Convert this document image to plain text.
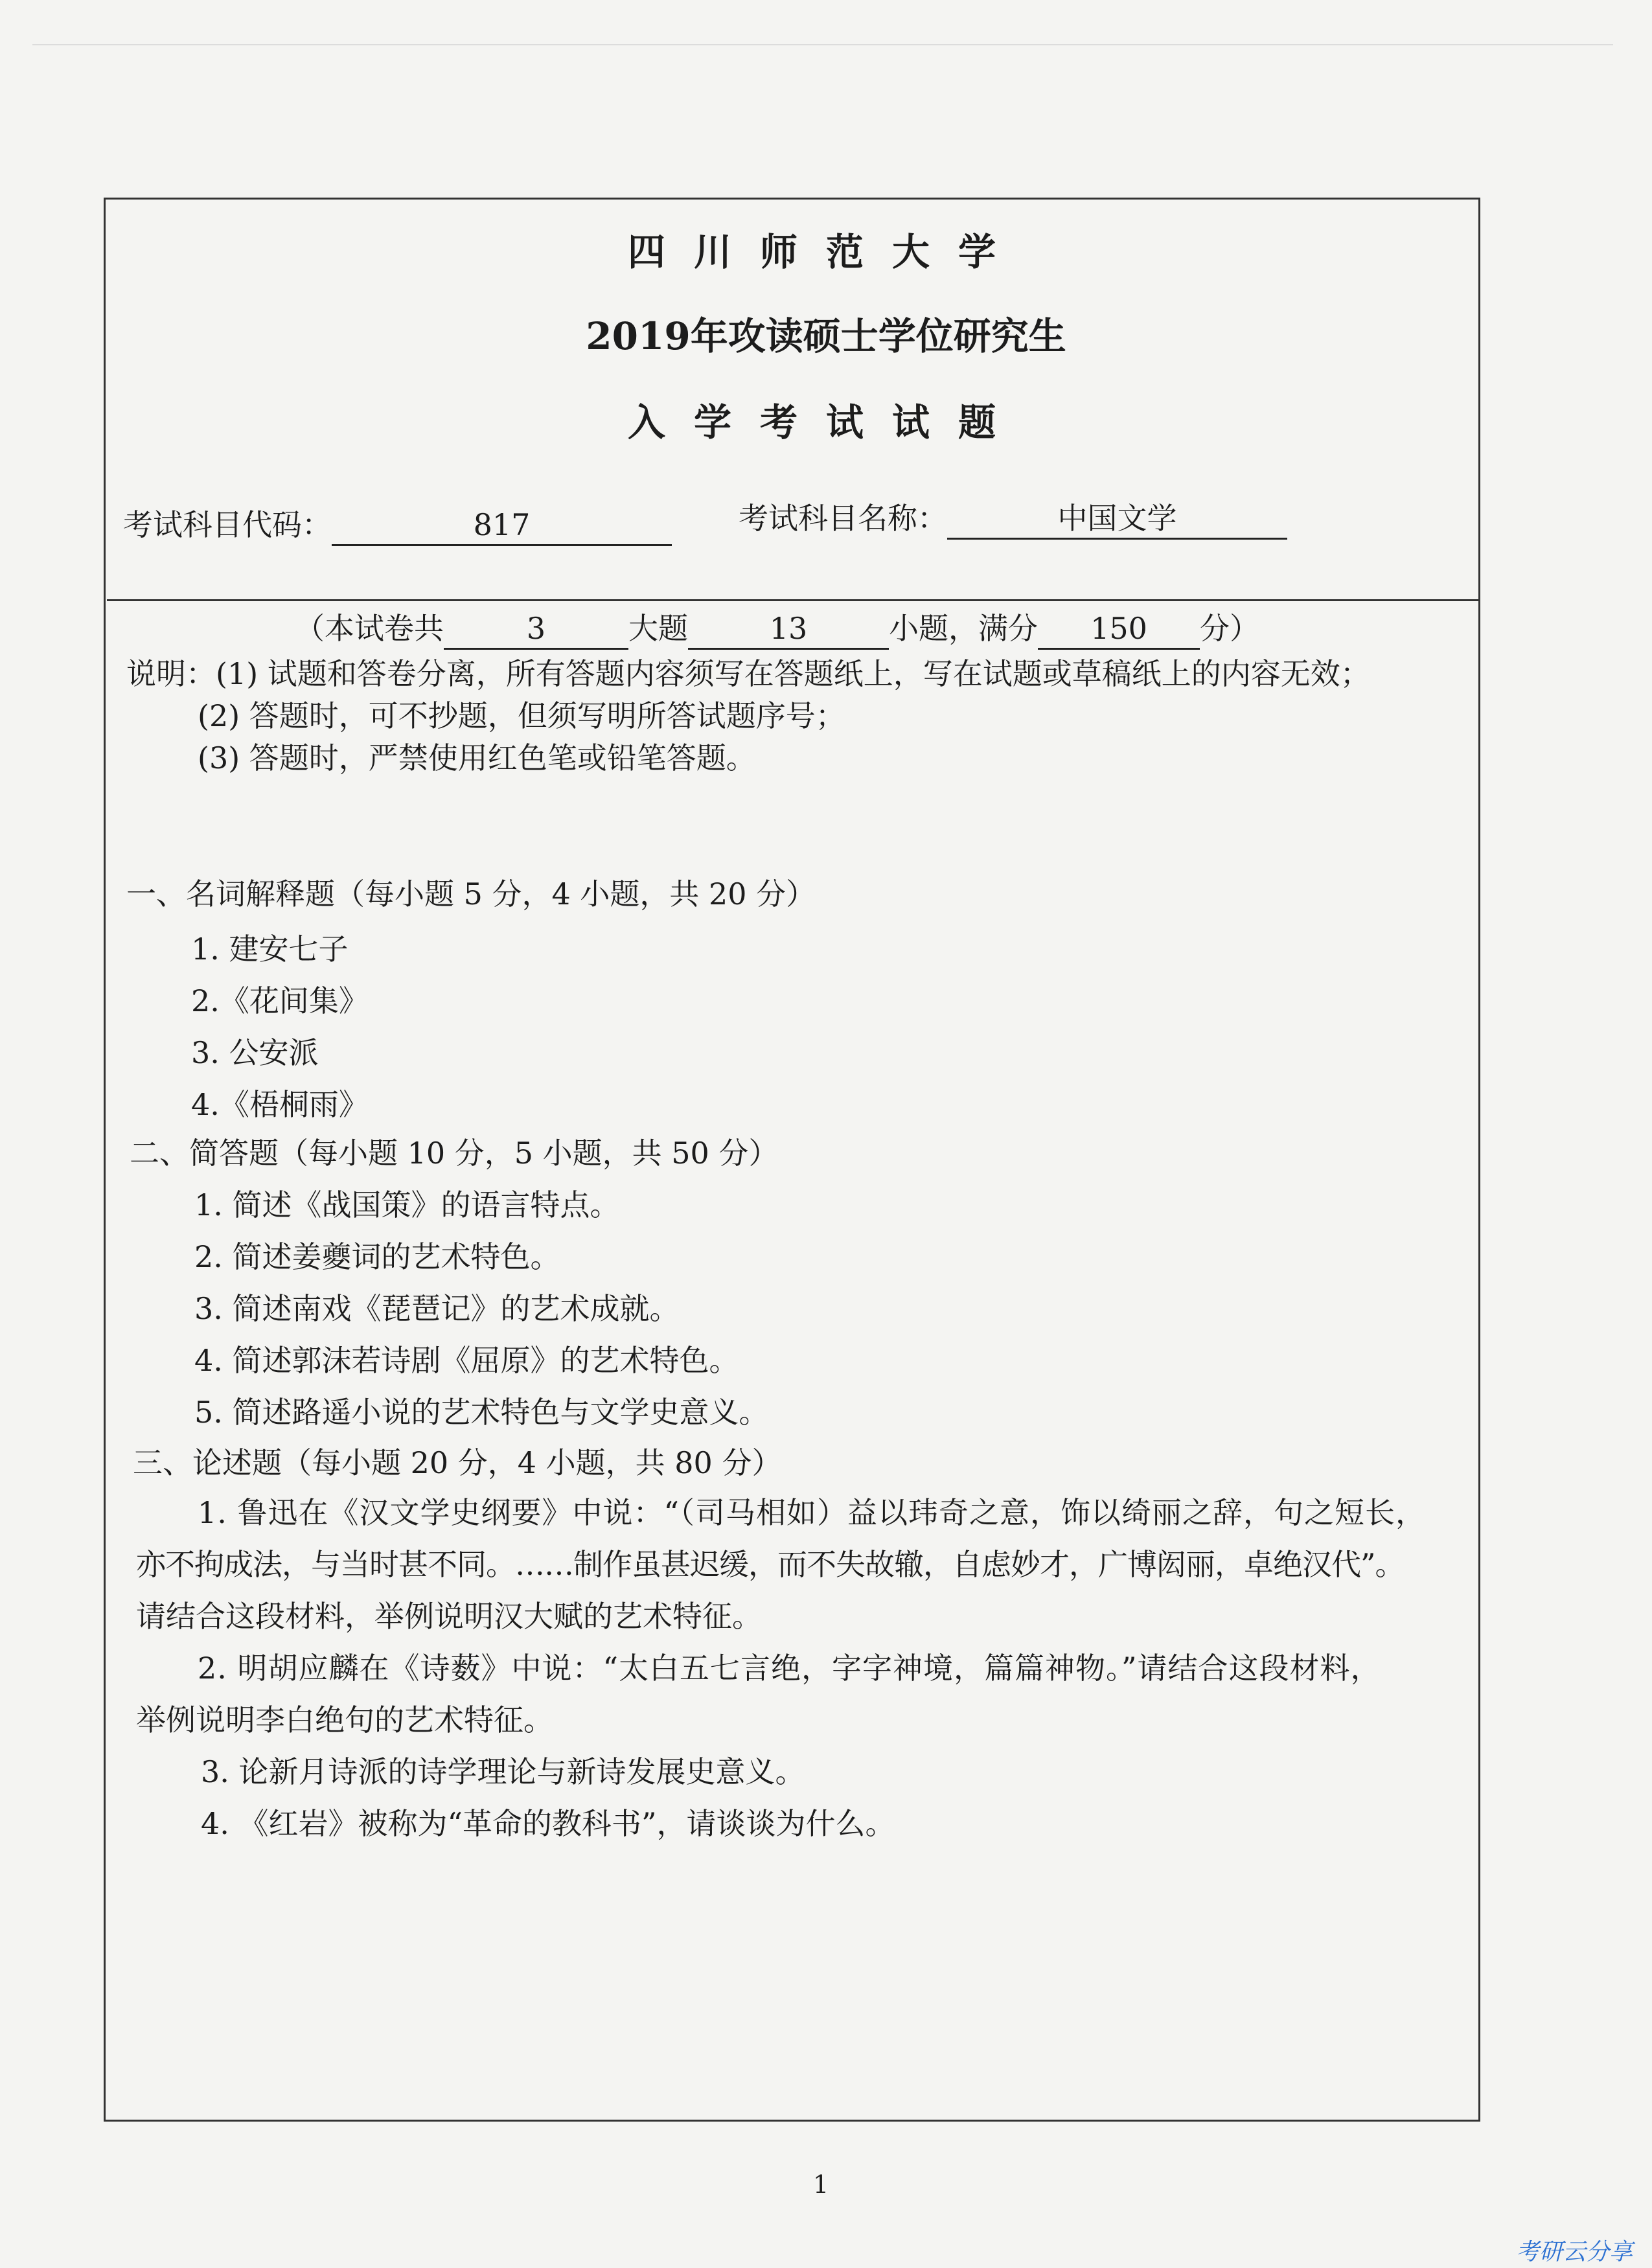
四川师范大学
2019年攻读硕士学位研究生
入学考试试题
考试科目代码：	817	考试科目名称：	中国文学
（本试卷共	3	大题	13	小题，满分 150 分）
说明：(1) 试题和答卷分离，所有答题内容须写在答题纸上，写在试题或草稿纸上的内容无效；
(2) 答题时，可不抄题，但须写明所答试题序号；
(3) 答题时，严禁使用红色笔或铅笔答题。
一、名词解释题（每小题 5 分，4 小题，共 20 分）
1. 建安七子
2.《花间集》
3. 公安派
4.《梧桐雨》
二、简答题（每小题 10 分，5 小题，共 50 分）
1. 简述《战国策》的语言特点。
2. 简述姜夔词的艺术特色。
3. 简述南戏《琵琶记》的艺术成就。
4. 简述郭沫若诗剧《屈原》的艺术特色。
5. 简述路遥小说的艺术特色与文学史意义。
三、论述题（每小题 20 分，4 小题，共 80 分）
1. 鲁迅在《汉文学史纲要》中说：“（司马相如）益以玮奇之意，饰以绮丽之辞，句之短长，
亦不拘成法，与当时甚不同。……制作虽甚迟缓，而不失故辙，自虑妙才，广博闳丽，卓绝汉代”。
请结合这段材料，举例说明汉大赋的艺术特征。
2. 明胡应麟在《诗薮》中说：“太白五七言绝，字字神境，篇篇神物。”请结合这段材料，
举例说明李白绝句的艺术特征。
3. 论新月诗派的诗学理论与新诗发展史意义。
4. 《红岩》被称为“革命的教科书”，请谈谈为什么。
1
考研云分享
